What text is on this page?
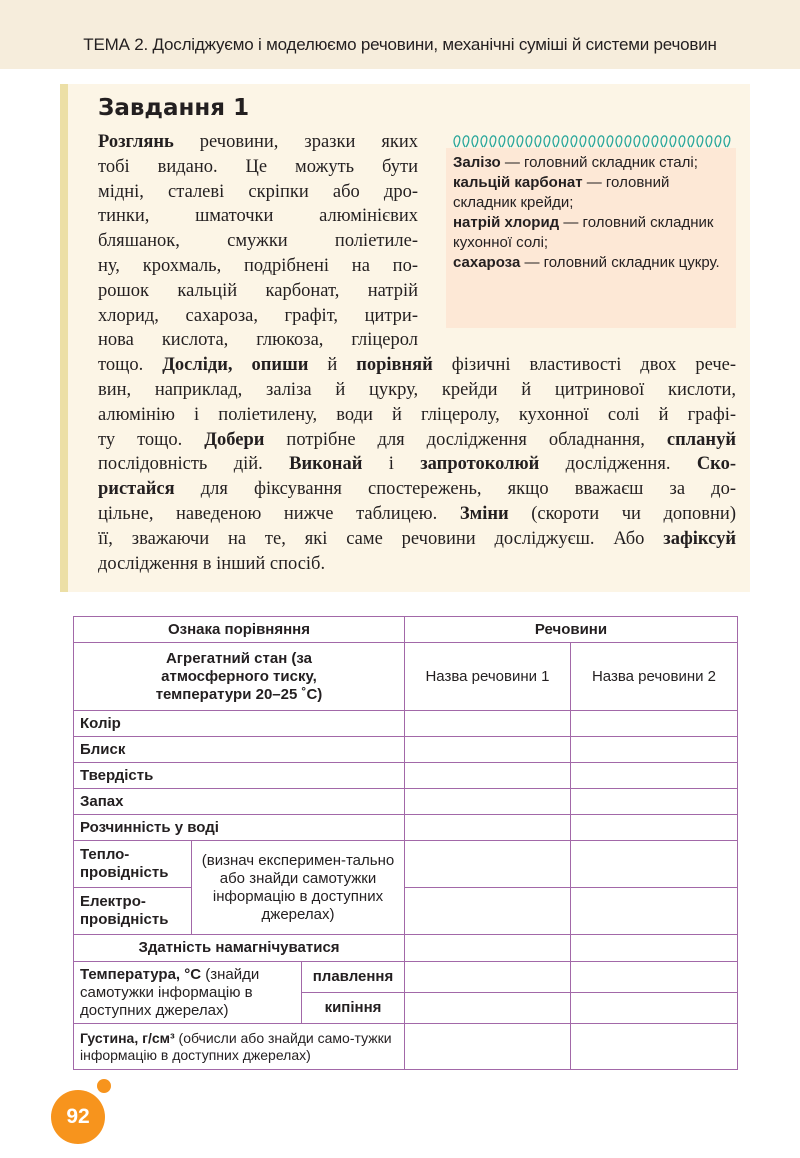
ТЕМА 2. Досліджуємо і моделюємо речовини, механічні суміші й системи речовин
Завдання 1
Розглянь речовини, зразки яких
тобі видано. Це можуть бути
мідні, сталеві скріпки або дро-
тинки, шматочки алюмінієвих
бляшанок, смужки поліетиле-
ну, крохмаль, подрібнені на по-
рошок кальцій карбонат, натрій
хлорид, сахароза, графіт, цитри-
нова кислота, глюкоза, гліцерол
тощо. Досліди, опиши й порівняй фізичні властивості двох рече-
вин, наприклад, заліза й цукру, крейди й цитринової кислоти,
алюмінію і поліетилену, води й гліцеролу, кухонної солі й графі-
ту тощо. Добери потрібне для дослідження обладнання, сплануй
послідовність дій. Виконай і запротоколюй дослідження. Ско-
ристайся для фіксування спостережень, якщо вважаєш за до-
цільне, наведеною нижче таблицею. Зміни (скороти чи доповни)
її, зважаючи на те, які саме речовини досліджуєш. Або зафіксуй
дослідження в інший спосіб.
Залізо — головний складник сталі;
кальцій карбонат — головний складник крейди;
натрій хлорид — головний складник кухонної солі;
сахароза — головний складник цукру.
Ознака порівняння			Речовини	
Агрегатний стан (за атмосферного тиску, температури 20–25 ˚С)			Назва речовини 1	Назва речовини 2
Колір				
Блиск				
Твердість				
Запах				
Розчинність у воді				
Тепло-провідність	(визнач експеримен-тально або знайди самотужки інформацію в доступних джерелах)			
Електро-провідність				
Здатність намагнічуватися				
Температура, °С (знайди самотужки інформацію в доступних джерелах)		плавлення		
		кипіння		
Густина, г/см³ (обчисли або знайди само-тужки інформацію в доступних джерелах)				
92
